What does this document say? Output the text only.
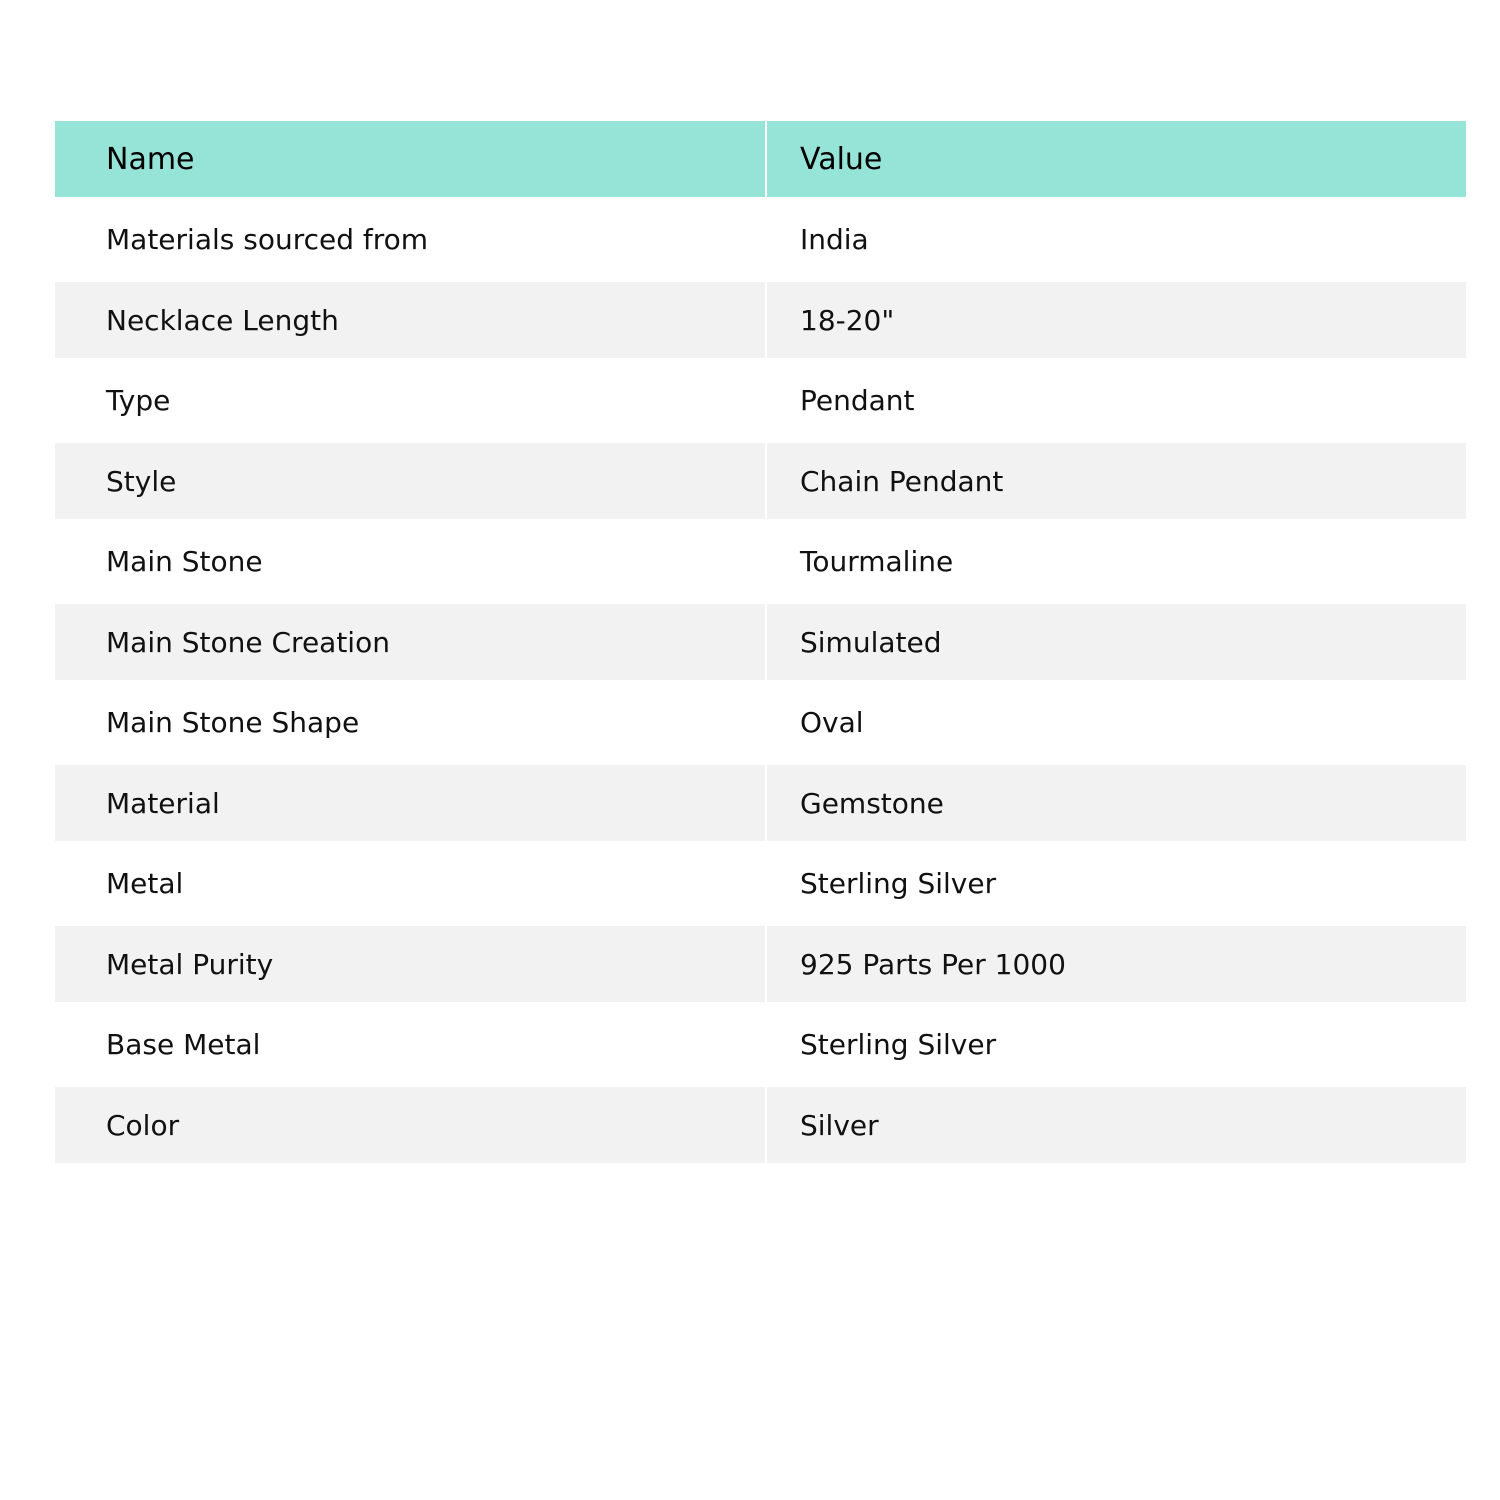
Name	Value
Materials sourced from	India
Necklace Length	18-20"
Type	Pendant
Style	Chain Pendant
Main Stone	Tourmaline
Main Stone Creation	Simulated
Main Stone Shape	Oval
Material	Gemstone
Metal	Sterling Silver
Metal Purity	925 Parts Per 1000
Base Metal	Sterling Silver
Color	Silver
